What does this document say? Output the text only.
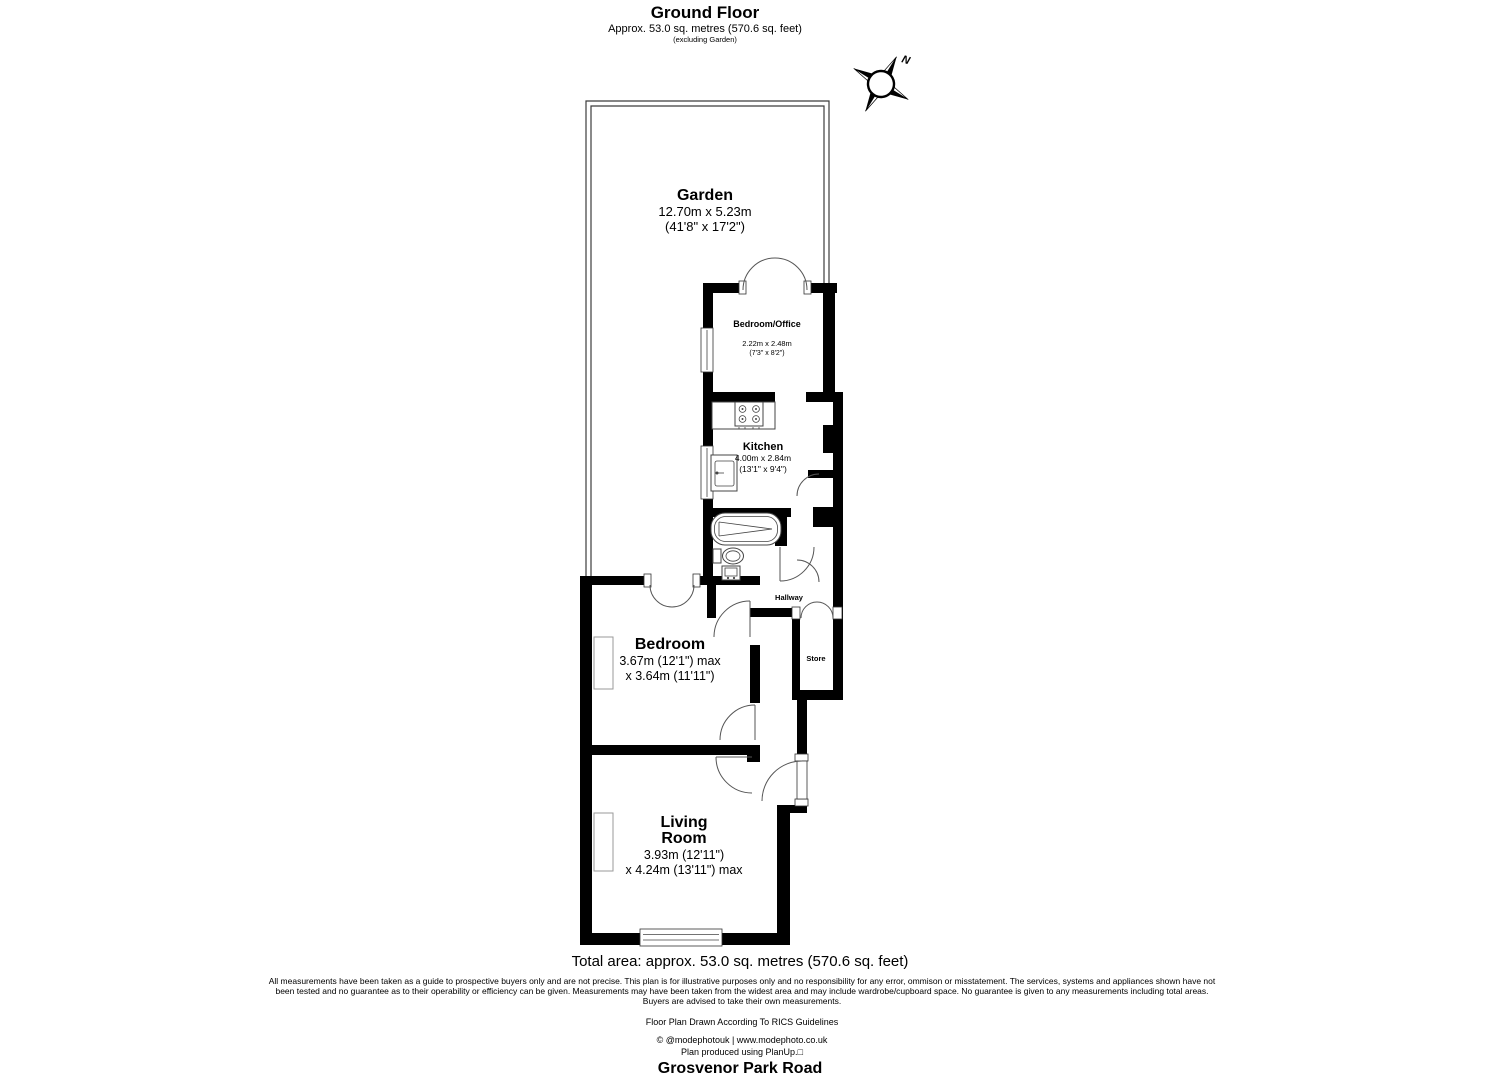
Ground Floor
Approx. 53.0 sq. metres (570.6 sq. feet)
(excluding Garden)
Garden
12.70m x 5.23m
(41'8" x 17'2")
Bedroom/Office
2.22m x 2.48m
(7'3" x 8'2")
Kitchen
4.00m x 2.84m
(13'1" x 9'4")
Hallway
Bedroom
3.67m (12'1") max
x 3.64m (11'11")
Store
Living
Room
3.93m (12'11")
x 4.24m (13'11") max
N
Total area: approx. 53.0 sq. metres (570.6 sq. feet)
All measurements have been taken as a guide to prospective buyers only and are not precise. This plan is for illustrative purposes only and no responsibility for any error, ommison or misstatement. The services, systems and appliances shown have not been tested and no guarantee as to their operability or efficiency can be given. Measurements may have been taken from the widest area and may include wardrobe/cupboard space. No guarantee is given to any measurements including total areas. Buyers are advised to take their own measurements.
Floor Plan Drawn According To RICS Guidelines
© @modephotouk | www.modephoto.co.uk
Plan produced using PlanUp.□
Grosvenor Park Road
